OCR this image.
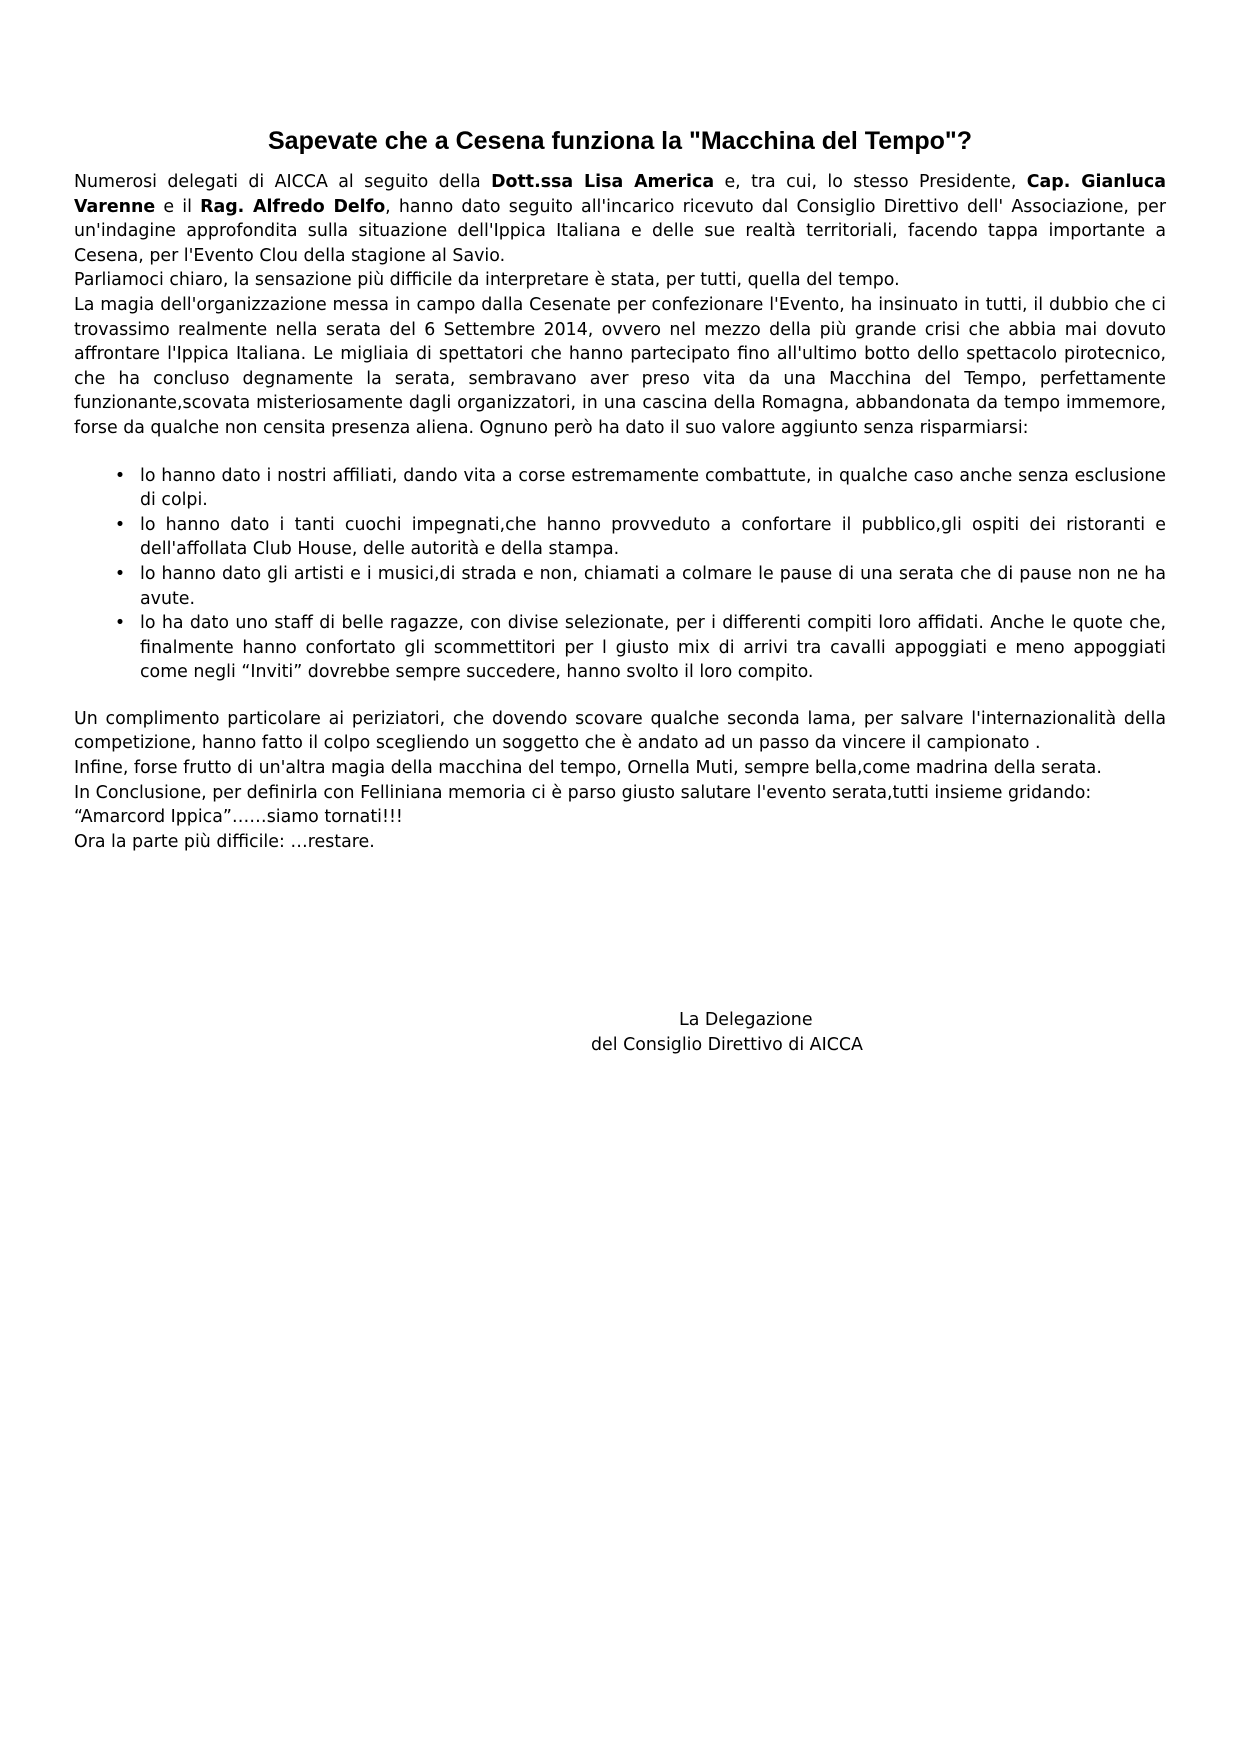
Sapevate che a Cesena funziona la "Macchina del Tempo"?

Numerosi delegati di AICCA al seguito della Dott.ssa Lisa America e, tra cui, lo stesso Presidente, Cap. Gianluca Varenne e il Rag. Alfredo Delfo, hanno dato seguito all'incarico ricevuto dal Consiglio Direttivo dell' Associazione, per un'indagine approfondita sulla situazione dell'Ippica Italiana e delle sue realtà territoriali, facendo tappa importante a Cesena, per l'Evento Clou della stagione al Savio.

Parliamoci chiaro, la sensazione più difficile da interpretare è stata, per tutti, quella del tempo.

La magia dell'organizzazione messa in campo dalla Cesenate per confezionare l'Evento, ha insinuato in tutti, il dubbio che ci trovassimo realmente nella serata del 6 Settembre 2014, ovvero nel mezzo della più grande crisi che abbia mai dovuto affrontare l'Ippica Italiana. Le migliaia di spettatori che hanno partecipato fino all'ultimo botto dello spettacolo pirotecnico, che ha concluso degnamente la serata, sembravano aver preso vita da una Macchina del Tempo, perfettamente funzionante,scovata misteriosamente dagli organizzatori, in una cascina della Romagna, abbandonata da tempo immemore, forse da qualche non censita presenza aliena. Ognuno però ha dato il suo valore aggiunto senza risparmiarsi:

• lo hanno dato i nostri affiliati, dando vita a corse estremamente combattute, in qualche caso anche senza esclusione di colpi.
• lo hanno dato i tanti cuochi impegnati,che hanno provveduto a confortare il pubblico,gli ospiti dei ristoranti e dell'affollata Club House, delle autorità e della stampa.
• lo hanno dato gli artisti e i musici,di strada e non, chiamati a colmare le pause di una serata che di pause non ne ha avute.
• lo ha dato uno staff di belle ragazze, con divise selezionate, per i differenti compiti loro affidati. Anche le quote che, finalmente hanno confortato gli scommettitori per l giusto mix di arrivi tra cavalli appoggiati e meno appoggiati come negli “Inviti” dovrebbe sempre succedere, hanno svolto il loro compito.

Un complimento particolare ai periziatori, che dovendo scovare qualche seconda lama, per salvare l'internazionalità della competizione, hanno fatto il colpo scegliendo un soggetto che è andato ad un passo da vincere il campionato .

Infine, forse frutto di un'altra magia della macchina del tempo, Ornella Muti, sempre bella,come madrina della serata.

In Conclusione, per definirla con Felliniana memoria ci è parso giusto salutare l'evento serata,tutti insieme gridando:

“Amarcord Ippica”……siamo tornati!!!

Ora la parte più difficile: …restare.

La Delegazione
del Consiglio Direttivo di AICCA
